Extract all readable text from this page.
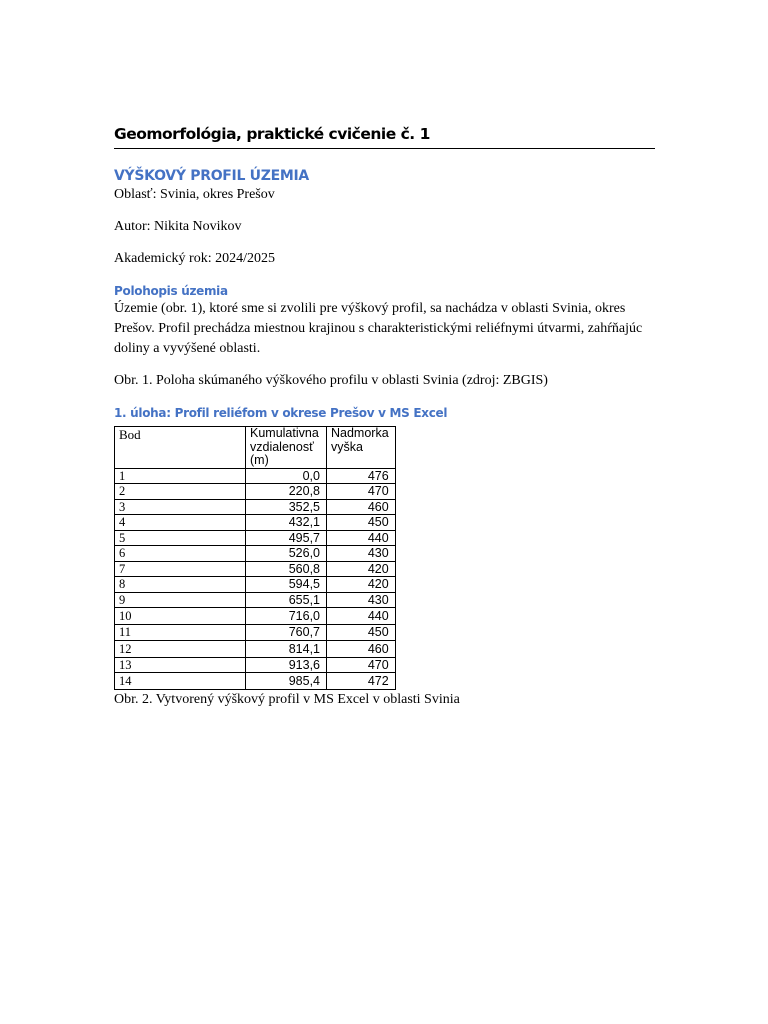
Geomorfológia, praktické cvičenie č. 1
VÝŠKOVÝ PROFIL ÚZEMIA

Oblasť: Svinia, okres Prešov

Autor: Nikita Novikov

Akademický rok: 2024/2025

Polohopis územia

Územie (obr. 1), ktoré sme si zvolili pre výškový profil, sa nachádza v oblasti Svinia, okres Prešov. Profil prechádza miestnou krajinou s charakteristickými reliéfnymi útvarmi, zahŕňajúc doliny a vyvýšené oblasti.

Obr. 1. Poloha skúmaného výškového profilu v oblasti Svinia (zdroj: ZBGIS)

1. úloha: Profil reliéfom v okrese Prešov v MS Excel
Bod	Kumulativna vzdialenosť (m)	Nadmorka vyška
1	0,0	476
2	220,8	470
3	352,5	460
4	432,1	450
5	495,7	440
6	526,0	430
7	560,8	420
8	594,5	420
9	655,1	430
10	716,0	440
11	760,7	450
12	814,1	460
13	913,6	470
14	985,4	472

Obr. 2. Vytvorený výškový profil v MS Excel v oblasti Svinia
